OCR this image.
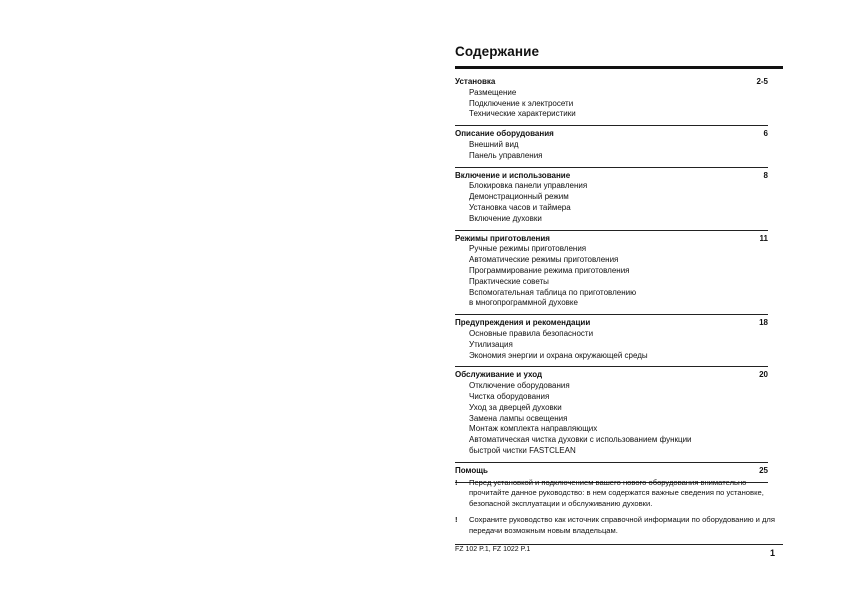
Содержание
Установка	2-5
Размещение
Подключение к электросети
Технические характеристики
Описание оборудования	6
Внешний вид
Панель управления
Включение и использование	8
Блокировка панели управления
Демонстрационный режим
Установка часов и таймера
Включение духовки
Режимы приготовления	11
Ручные режимы приготовления
Автоматические режимы приготовления
Программирование режима приготовления
Практические советы
Вспомогательная таблица по приготовлению
в многопрограммной духовке
Предупреждения и рекомендации	18
Основные правила безопасности
Утилизация
Экономия энергии и охрана окружающей среды
Обслуживание и уход	20
Отключение оборудования
Чистка оборудования
Уход за дверцей духовки
Замена лампы освещения
Монтаж комплекта направляющих
Автоматическая чистка духовки с использованием функции
быстрой чистки FASTCLEAN
Помощь	25
!	Перед установкой и подключением вашего нового оборудования внимательно прочитайте данное руководство: в нем содержатся важные сведения по установке, безопасной эксплуатации и обслуживанию духовки.
!	Сохраните руководство как источник справочной информации по оборудованию и для передачи возможным новым владельцам.
FZ 102 P.1, FZ 1022 P.1	1
